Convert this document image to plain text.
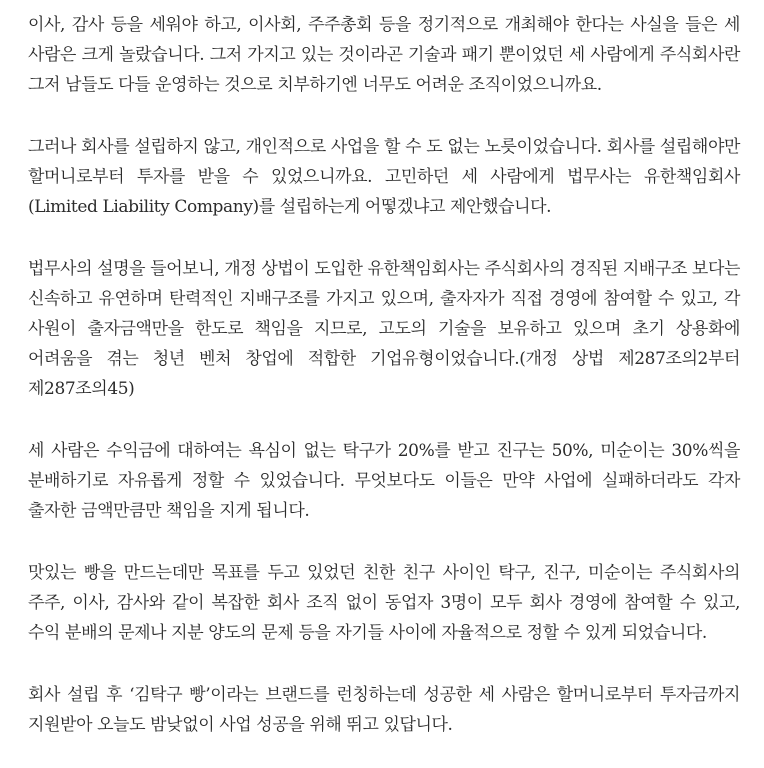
이사, 감사 등을 세워야 하고, 이사회, 주주총회 등을 정기적으로 개최해야 한다는 사실을 들은 세 사람은 크게 놀랐습니다. 그저 가지고 있는 것이라곤 기술과 패기 뿐이었던 세 사람에게 주식회사란 그저 남들도 다들 운영하는 것으로 치부하기엔 너무도 어려운 조직이었으니까요.

그러나 회사를 설립하지 않고, 개인적으로 사업을 할 수 도 없는 노릇이었습니다. 회사를 설립해야만 할머니로부터 투자를 받을 수 있었으니까요. 고민하던 세 사람에게 법무사는 유한책임회사(Limited Liability Company)를 설립하는게 어떻겠냐고 제안했습니다.

법무사의 설명을 들어보니, 개정 상법이 도입한 유한책임회사는 주식회사의 경직된 지배구조 보다는 신속하고 유연하며 탄력적인 지배구조를 가지고 있으며, 출자자가 직접 경영에 참여할 수 있고, 각 사원이 출자금액만을 한도로 책임을 지므로, 고도의 기술을 보유하고 있으며 초기 상용화에 어려움을 겪는 청년 벤처 창업에 적합한 기업유형이었습니다.(개정 상법 제287조의2부터 제287조의45)

세 사람은 수익금에 대하여는 욕심이 없는 탁구가 20%를 받고 진구는 50%, 미순이는 30%씩을 분배하기로 자유롭게 정할 수 있었습니다. 무엇보다도 이들은 만약 사업에 실패하더라도 각자 출자한 금액만큼만 책임을 지게 됩니다.

맛있는 빵을 만드는데만 목표를 두고 있었던 친한 친구 사이인 탁구, 진구, 미순이는 주식회사의 주주, 이사, 감사와 같이 복잡한 회사 조직 없이 동업자 3명이 모두 회사 경영에 참여할 수 있고, 수익 분배의 문제나 지분 양도의 문제 등을 자기들 사이에 자율적으로 정할 수 있게 되었습니다.

회사 설립 후 ‘김탁구 빵’이라는 브랜드를 런칭하는데 성공한 세 사람은 할머니로부터 투자금까지 지원받아 오늘도 밤낮없이 사업 성공을 위해 뛰고 있답니다.
